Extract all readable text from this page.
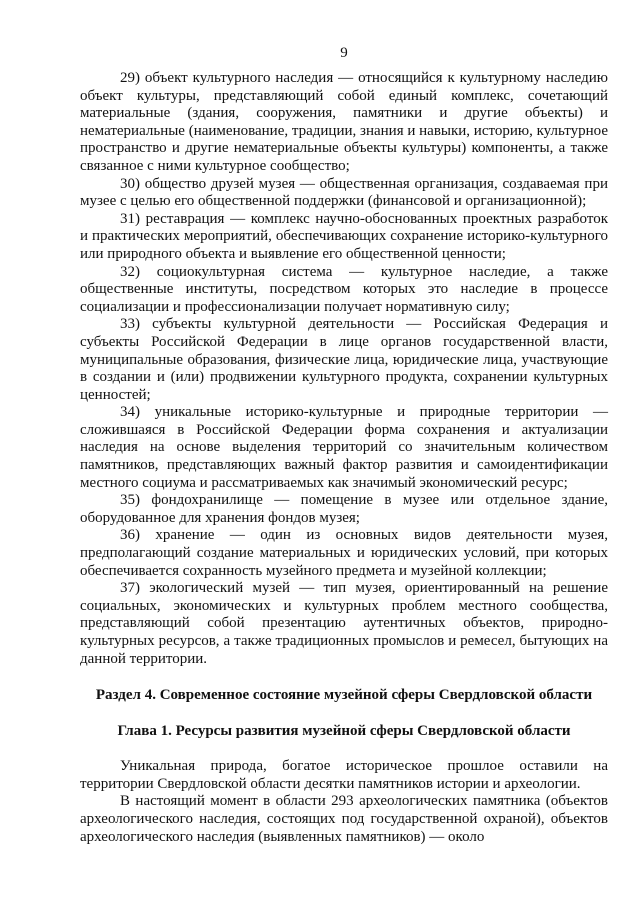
9

29) объект культурного наследия — относящийся к культурному наследию объект культуры, представляющий собой единый комплекс, сочетающий материальные (здания, сооружения, памятники и другие объекты) и нематериальные (наименование, традиции, знания и навыки, историю, культурное пространство и другие нематериальные объекты культуры) компоненты, а также связанное с ними культурное сообщество;

30) общество друзей музея — общественная организация, создаваемая при музее с целью его общественной поддержки (финансовой и организационной);

31) реставрация — комплекс научно-обоснованных проектных разработок и практических мероприятий, обеспечивающих сохранение историко-культурного или природного объекта и выявление его общественной ценности;

32) социокультурная система — культурное наследие, а также общественные институты, посредством которых это наследие в процессе социализации и профессионализации получает нормативную силу;

33) субъекты культурной деятельности — Российская Федерация и субъекты Российской Федерации в лице органов государственной власти, муниципальные образования, физические лица, юридические лица, участвующие в создании и (или) продвижении культурного продукта, сохранении культурных ценностей;

34) уникальные историко-культурные и природные территории — сложившаяся в Российской Федерации форма сохранения и актуализации наследия на основе выделения территорий со значительным количеством памятников, представляющих важный фактор развития и самоидентификации местного социума и рассматриваемых как значимый экономический ресурс;

35) фондохранилище — помещение в музее или отдельное здание, оборудованное для хранения фондов музея;

36) хранение — один из основных видов деятельности музея, предполагающий создание материальных и юридических условий, при которых обеспечивается сохранность музейного предмета и музейной коллекции;

37) экологический музей — тип музея, ориентированный на решение социальных, экономических и культурных проблем местного сообщества, представляющий собой презентацию аутентичных объектов, природно-культурных ресурсов, а также традиционных промыслов и ремесел, бытующих на данной территории.

Раздел 4. Современное состояние музейной сферы Свердловской области
Глава 1. Ресурсы развития музейной сферы Свердловской области

Уникальная природа, богатое историческое прошлое оставили на территории Свердловской области десятки памятников истории и археологии.

В настоящий момент в области 293 археологических памятника (объектов археологического наследия, состоящих под государственной охраной), объектов археологического наследия (выявленных памятников) — около
